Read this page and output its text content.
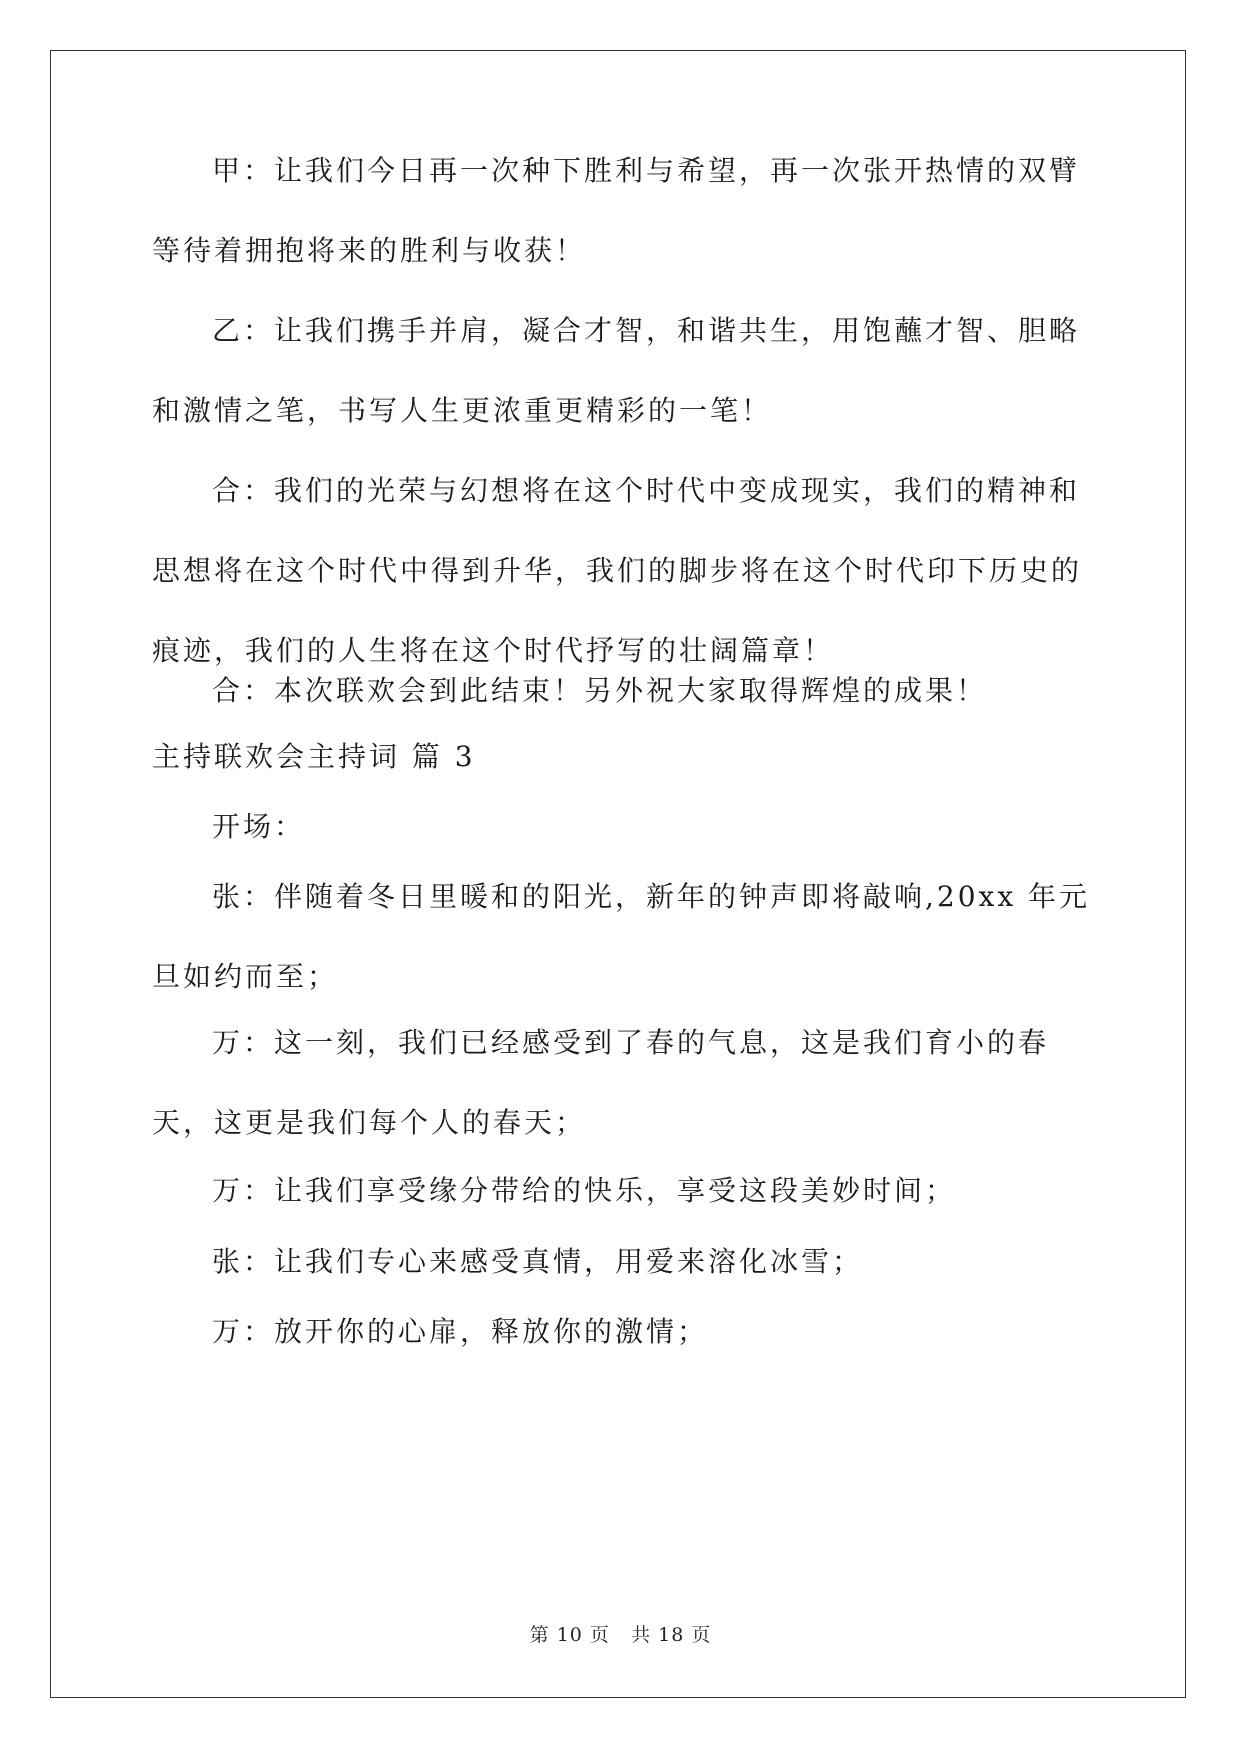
甲：让我们今日再一次种下胜利与希望，再一次张开热情的双臂等待着拥抱将来的胜利与收获！
乙：让我们携手并肩，凝合才智，和谐共生，用饱蘸才智、胆略和激情之笔，书写人生更浓重更精彩的一笔！
合：我们的光荣与幻想将在这个时代中变成现实，我们的精神和思想将在这个时代中得到升华，我们的脚步将在这个时代印下历史的痕迹，我们的人生将在这个时代抒写的壮阔篇章！
合：本次联欢会到此结束！另外祝大家取得辉煌的成果！
主持联欢会主持词 篇 3
开场：
张：伴随着冬日里暖和的阳光，新年的钟声即将敲响,20xx 年元旦如约而至；
万：这一刻，我们已经感受到了春的气息，这是我们育小的春天，这更是我们每个人的春天；
万：让我们享受缘分带给的快乐，享受这段美妙时间；
张：让我们专心来感受真情，用爱来溶化冰雪；
万：放开你的心扉，释放你的激情；
第 10 页 共 18 页
